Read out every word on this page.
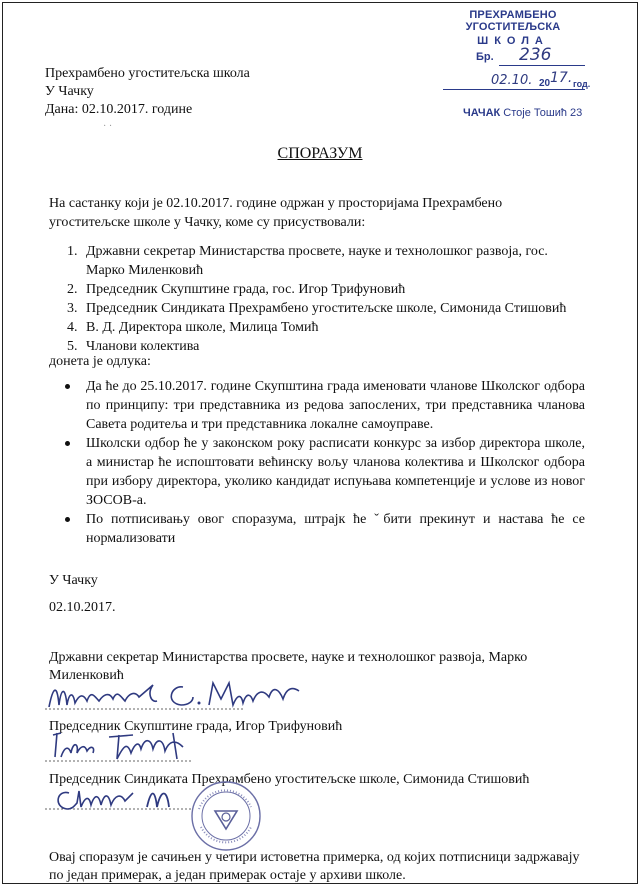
ПРЕХРАМБЕНО УГОСТИТЕЉСКА
ШКОЛА
Бр. 236
02.10. 20 17. год.
ЧАЧАК Стоје Тошић 23
Прехрамбено угоститељска школа
У Чачку
Дана: 02.10.2017. године
· ·
СПОРАЗУМ
На састанку који је 02.10.2017. године одржан у просторијама Прехрамбено
угоститељске школе у Чачку, коме су присуствовали:
1. Државни секретар Министарства просвете, науке и технолошког развоја, гос.
Марко Миленковић
2. Председник Скупштине града, гос. Игор Трифуновић
3. Председник Синдиката Прехрамбено угоститељске школе, Симонида Стишовић
4. В. Д. Директора школе, Милица Томић
5. Чланови колектива
донета је одлука:
Да ће до 25.10.2017. године Скупштина града именовати чланове Школског одбора по принципу: три представника из редова запослених, три представника чланова Савета родитеља и три представника локалне самоуправе.
Школски одбор ће у законском року расписати конкурс за избор директора школе, а министар ће испоштовати већинску вољу чланова колектива и Школског одбора при избору директора, уколико кандидат испуњава компетенције и услове из новог ЗОСОВ-а.
По потписивању овог споразума, штрајк ће ˇбити прекинут и настава ће се нормализовати
У Чачку
02.10.2017.
Државни секретар Министарства просвете, науке и технолошког развоја, Марко
Миленковић
Председник Скупштине града, Игор Трифуновић
Председник Синдиката Прехрамбено угоститељске школе, Симонида Стишовић
Овај споразум је сачињен у четири истоветна примерка, од којих потписници задржавају
по један примерак, а један примерак остаје у архиви школе.
